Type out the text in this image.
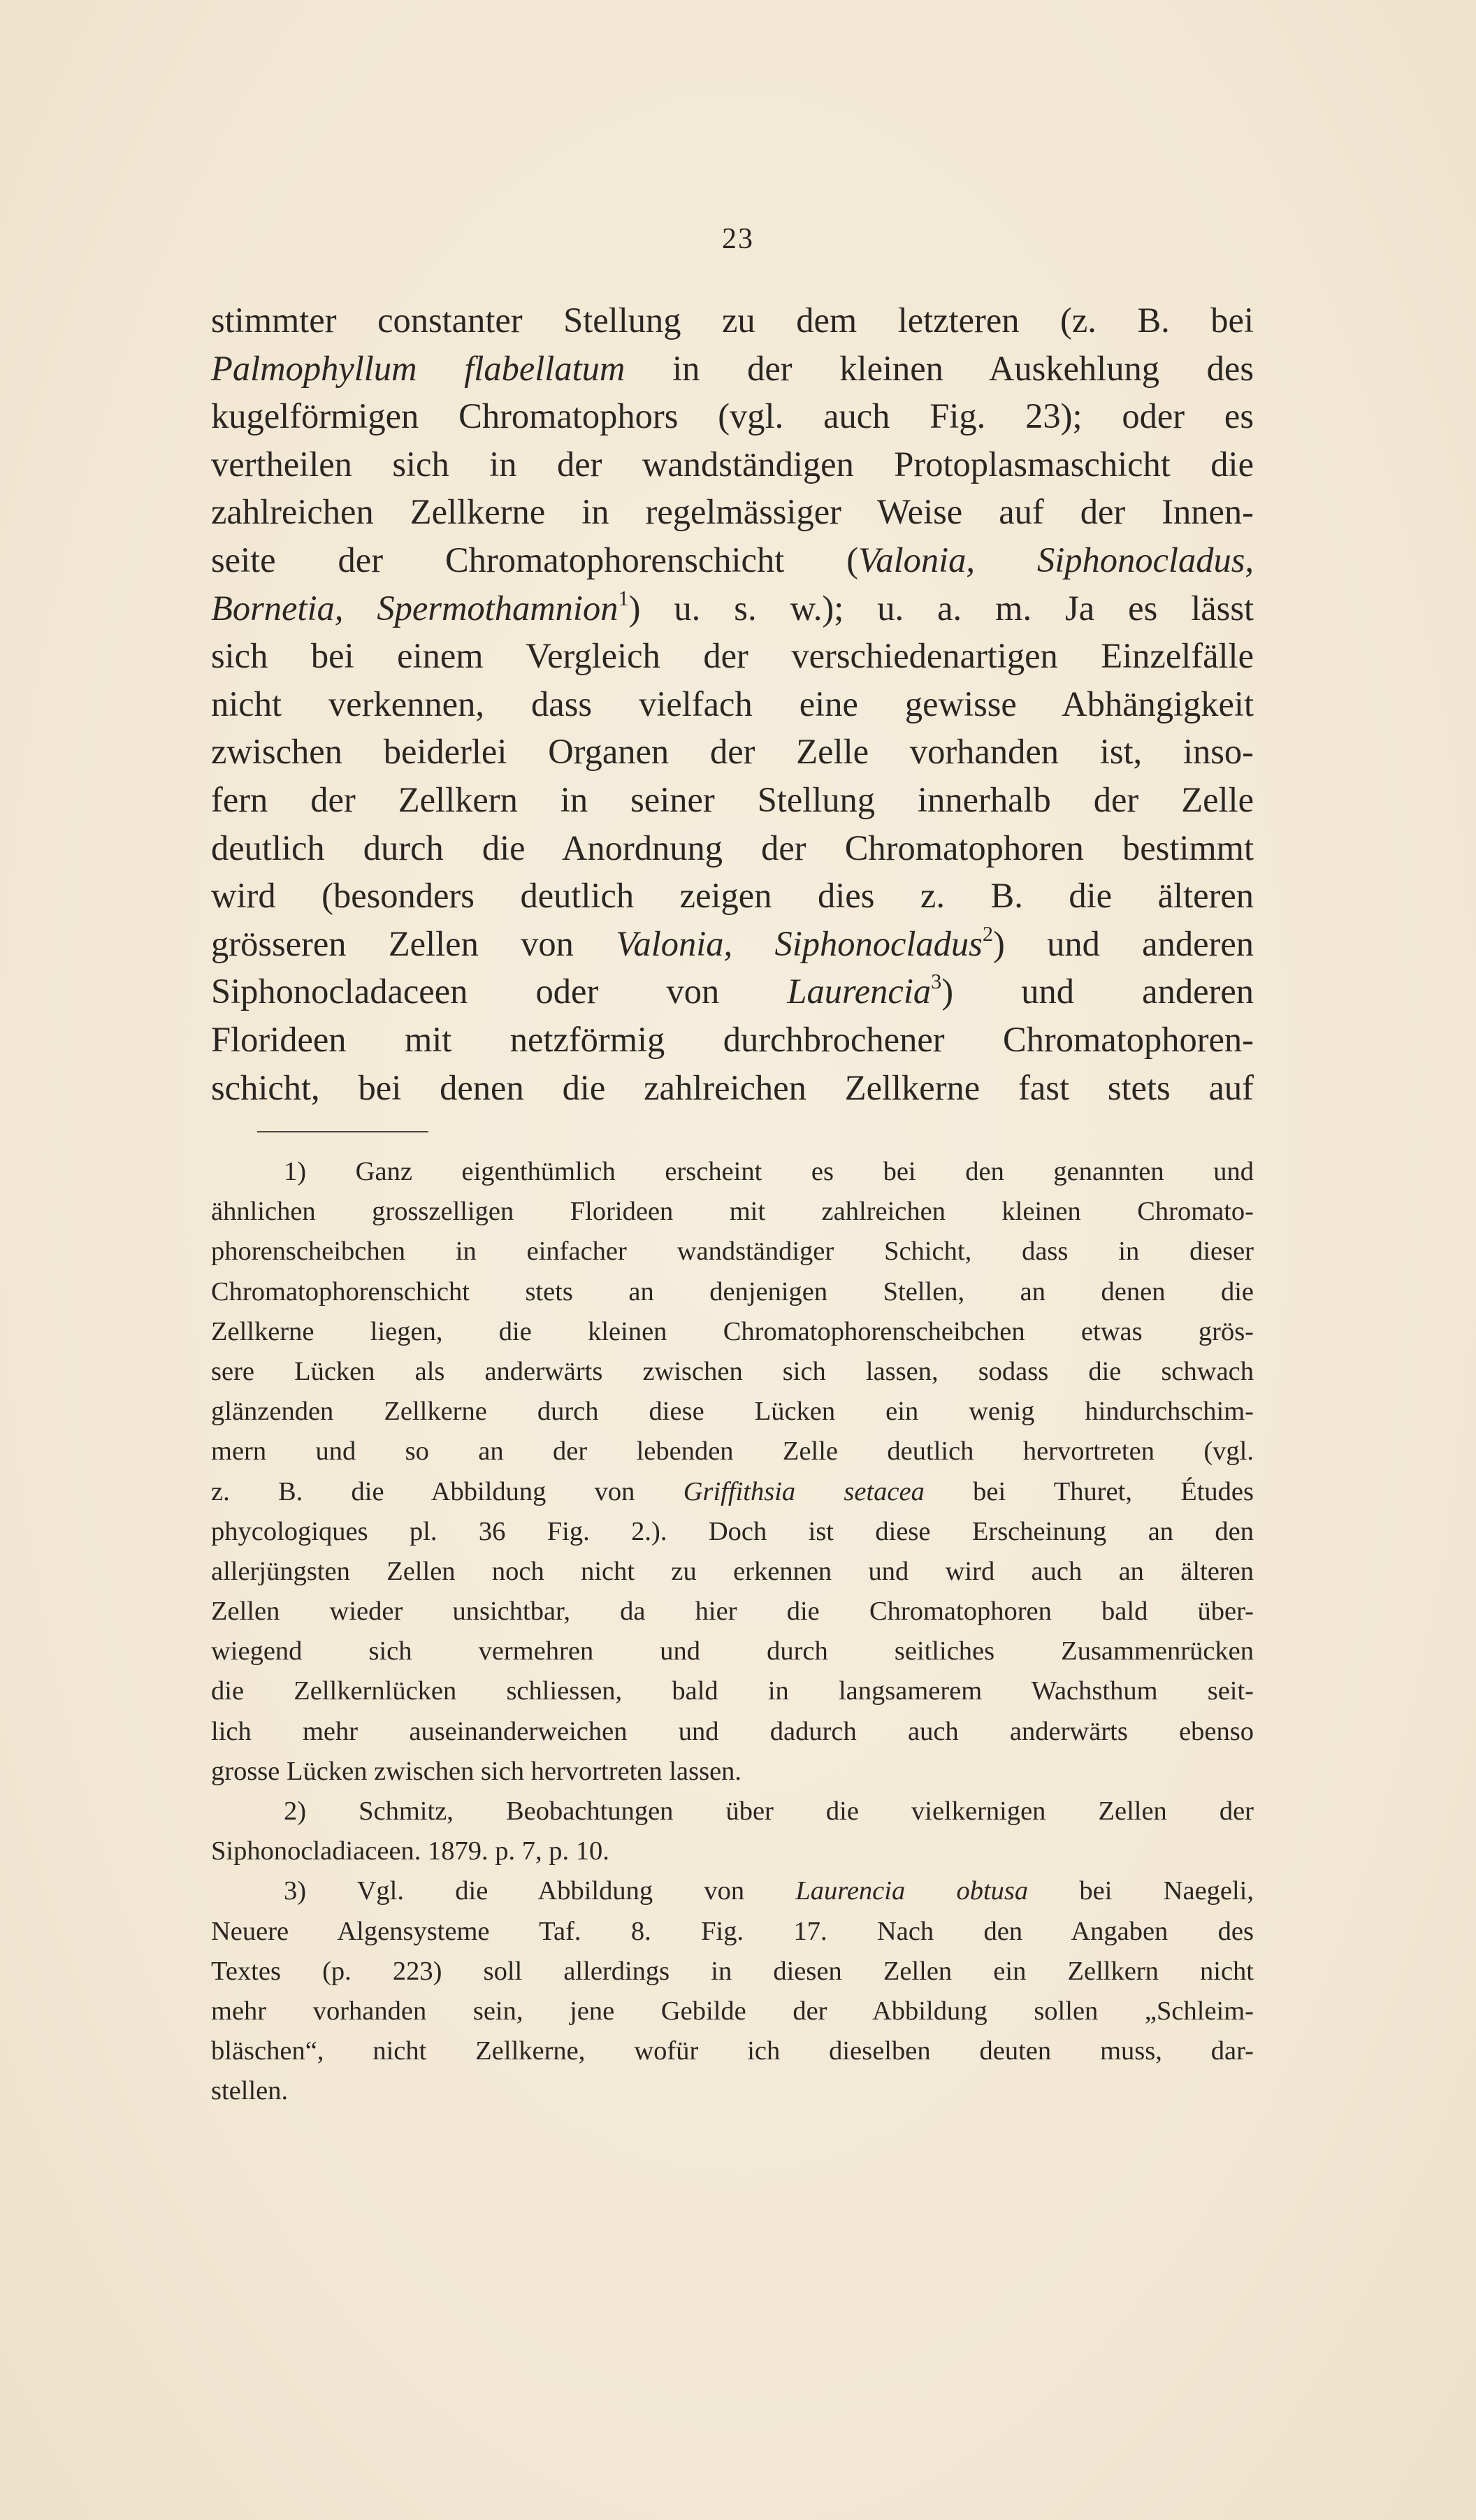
23
stimmter constanter Stellung zu dem letzteren (z. B. bei
Palmophyllum flabellatum in der kleinen Auskehlung des
kugelförmigen Chromatophors (vgl. auch Fig. 23); oder es
vertheilen sich in der wandständigen Protoplasmaschicht die
zahlreichen Zellkerne in regelmässiger Weise auf der Innen-
seite der Chromatophorenschicht (Valonia, Siphonocladus,
Bornetia, Spermothamnion$^1$) u. s. w.); u. a. m. Ja es lässt
sich bei einem Vergleich der verschiedenartigen Einzelfälle
nicht verkennen, dass vielfach eine gewisse Abhängigkeit
zwischen beiderlei Organen der Zelle vorhanden ist, inso-
fern der Zellkern in seiner Stellung innerhalb der Zelle
deutlich durch die Anordnung der Chromatophoren bestimmt
wird (besonders deutlich zeigen dies z. B. die älteren
grösseren Zellen von Valonia, Siphonocladus$^2$) und anderen
Siphonocladaceen oder von Laurencia$^3$) und anderen
Florideen mit netzförmig durchbrochener Chromatophoren-
schicht, bei denen die zahlreichen Zellkerne fast stets auf
1) Ganz eigenthümlich erscheint es bei den genannten und
ähnlichen grosszelligen Florideen mit zahlreichen kleinen Chromato-
phorenscheibchen in einfacher wandständiger Schicht, dass in dieser
Chromatophorenschicht stets an denjenigen Stellen, an denen die
Zellkerne liegen, die kleinen Chromatophorenscheibchen etwas grös-
sere Lücken als anderwärts zwischen sich lassen, sodass die schwach
glänzenden Zellkerne durch diese Lücken ein wenig hindurchschim-
mern und so an der lebenden Zelle deutlich hervortreten (vgl.
z. B. die Abbildung von Griffithsia setacea bei Thuret, Études
phycologiques pl. 36 Fig. 2.). Doch ist diese Erscheinung an den
allerjüngsten Zellen noch nicht zu erkennen und wird auch an älteren
Zellen wieder unsichtbar, da hier die Chromatophoren bald über-
wiegend sich vermehren und durch seitliches Zusammenrücken
die Zellkernlücken schliessen, bald in langsamerem Wachsthum seit-
lich mehr auseinanderweichen und dadurch auch anderwärts ebenso
grosse Lücken zwischen sich hervortreten lassen.
2) Schmitz, Beobachtungen über die vielkernigen Zellen der
Siphonocladiaceen. 1879. p. 7, p. 10.
3) Vgl. die Abbildung von Laurencia obtusa bei Naegeli,
Neuere Algensysteme Taf. 8. Fig. 17. Nach den Angaben des
Textes (p. 223) soll allerdings in diesen Zellen ein Zellkern nicht
mehr vorhanden sein, jene Gebilde der Abbildung sollen „Schleim-
bläschen“, nicht Zellkerne, wofür ich dieselben deuten muss, dar-
stellen.
